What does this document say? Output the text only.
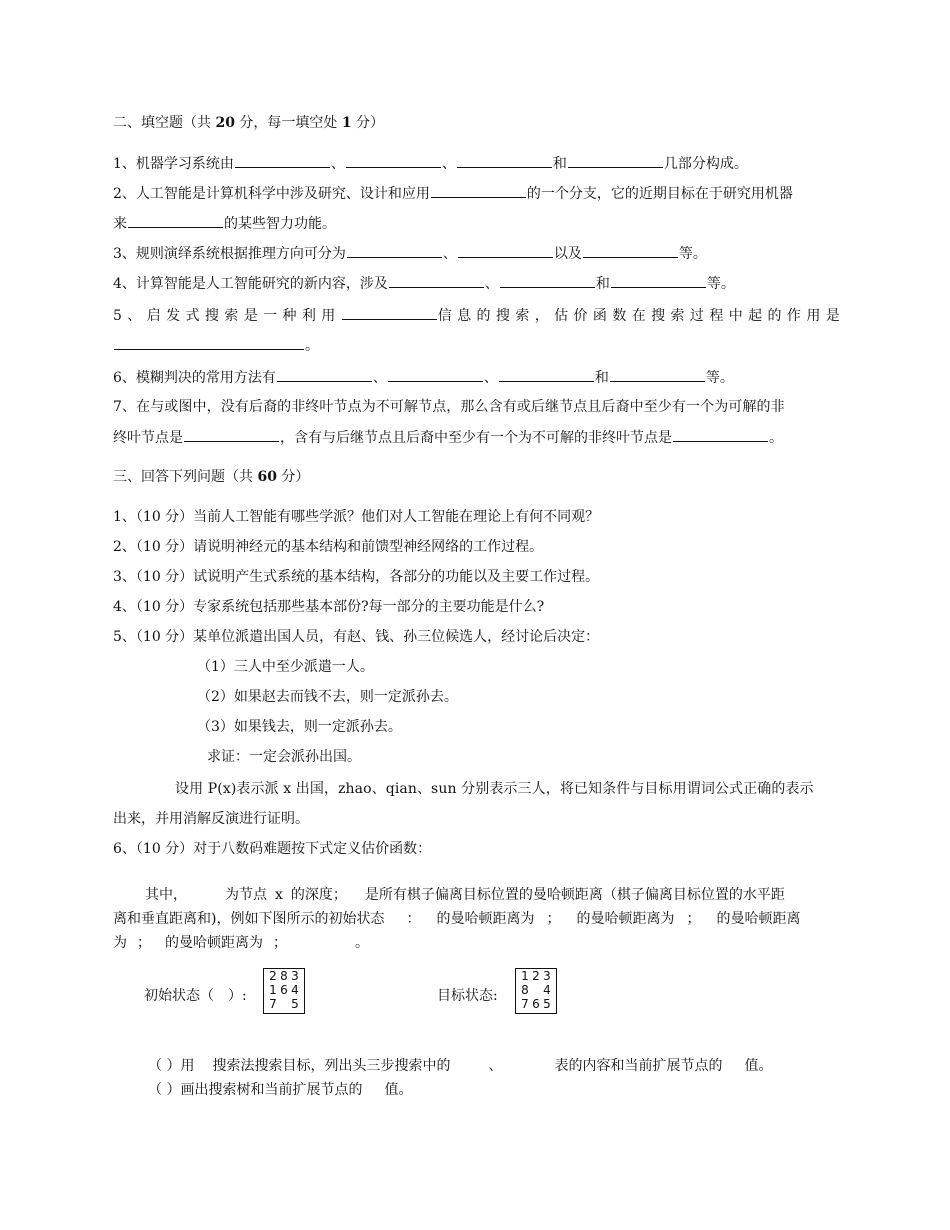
二、填空题（共 20 分，每一填空处 1 分）
1、机器学习系统由	、	、	和	几部分构成。
2、人工智能是计算机科学中涉及研究、设计和应用	的一个分支，它的近期目标在于研究用机器
来	的某些智力功能。
3、规则演绎系统根据推理方向可分为	、	以及	等。
4、计算智能是人工智能研究的新内容，涉及	、	和	等。
5、启发式搜索是一种利用	信息的搜索，估价函数在搜索过程中起的作用是
。
6、模糊判决的常用方法有	、	、	和	等。
7、在与或图中，没有后裔的非终叶节点为不可解节点，那么含有或后继节点且后裔中至少有一个为可解的非
终叶节点是	，含有与后继节点且后裔中至少有一个为不可解的非终叶节点是	。
三、回答下列问题（共 60 分）
1、（10 分）当前人工智能有哪些学派？他们对人工智能在理论上有何不同观？
2、（10 分）请说明神经元的基本结构和前馈型神经网络的工作过程。
3、（10 分）试说明产生式系统的基本结构，各部分的功能以及主要工作过程。
4、（10 分）专家系统包括那些基本部份?每一部分的主要功能是什么?
5、（10 分）某单位派遣出国人员，有赵、钱、孙三位候选人，经讨论后决定：
（1）三人中至少派遣一人。
（2）如果赵去而钱不去，则一定派孙去。
（3）如果钱去，则一定派孙去。
求证：一定会派孙出国。
设用 P(x)表示派 x 出国，zhao、qian、sun 分别表示三人，将已知条件与目标用谓词公式正确的表示
出来，并用消解反演进行证明。
6、（10 分）对于八数码难题按下式定义估价函数：
其中，	为节点 x 的深度； 是所有棋子偏离目标位置的曼哈顿距离（棋子偏离目标位置的水平距
离和垂直距离和)，例如下图所示的初始状态 ： 的曼哈顿距离为 ； 的曼哈顿距离为 ； 的曼哈顿距离
为 ； 的曼哈顿距离为 ；	。
初始状态（　）:
2 8 3
1 6 4
7 5	目标状态:
1 2 3
8 4
7 6 5
（ ）用 搜索法搜索目标，列出头三步搜索中的	、	表的内容和当前扩展节点的 值。
（ ）画出搜索树和当前扩展节点的 值。
